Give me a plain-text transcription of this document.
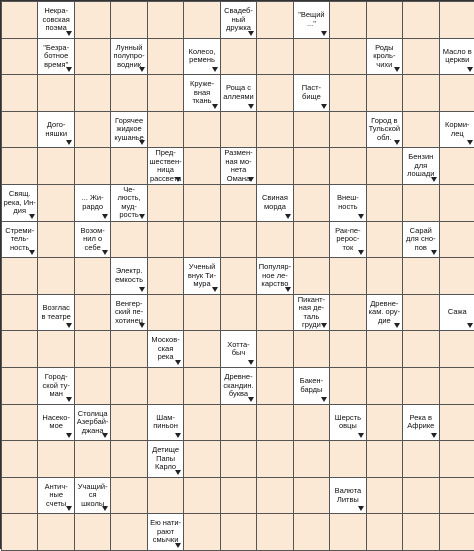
Некра-
совская
поэма
Свадеб-
ный
дружка
"Вещий
..."
"Безра-
ботное
время"
Лунный
полупро-
водник
Колесо,
ремень
Роды
кроль-
чихи
Масло в
церкви
Круже-
вная
ткань
Роща с
аллеями
Паст-
бище
Дого-
няшки
Горячее
жидкое
кушанье
Город в
Тульской
обл.
Корми-
лец
Пред-
шествен-
ница
рассвета
Размен-
ная мо-
нета
Омана
Бензин
для
лошади
Свящ.
река, Ин-
дия
... Жи-
рардо
Че-
люсть,
муд-
рость
Свиная
морда
Внеш-
ность
Стреми-
тель-
ность
Возом-
нил о
себе
Рак-пе-
рерос-
ток
Сарай
для сно-
пов
Электр.
емкость
Ученый
внук Ти-
мура
Популяр-
ное ле-
карство
Возглас
в театре
Венгер-
ский пе-
хотинец
Пикант-
ная де-
таль
груди
Древне-
кам. ору-
дие
Сажа
Москов-
ская
река
Хотта-
быч
Город-
ской ту-
ман
Древне-
скандин.
буква
Бакен-
барды
Насеко-
мое
Столица
Азербай-
джана
Шам-
пиньон
Шерсть
овцы
Река в
Африке
Детище
Папы
Карло
Антич-
ные
счеты
Учащий-
ся
школы
Валюта
Литвы
Ею нати-
рают
смычки
